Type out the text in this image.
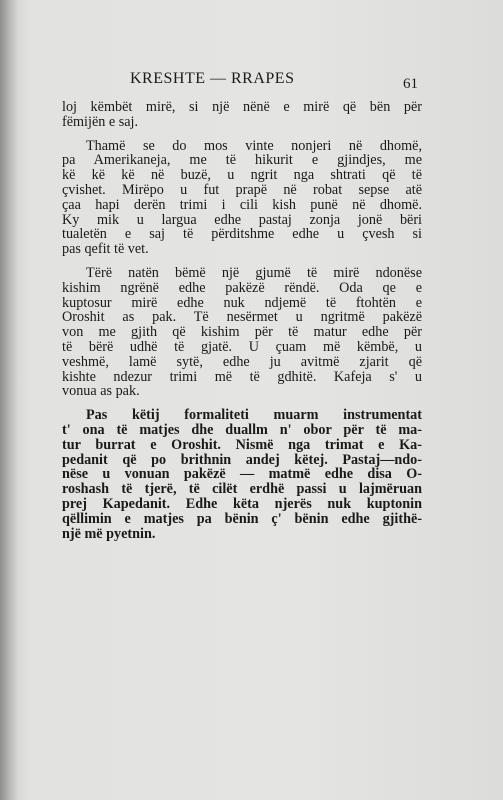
KRESHTE — RRAPES	61
loj këmbët mirë, si një nënë e mirë që bën për
fëmijën e saj.
Thamë se do mos vinte nonjeri në dhomë,
pa Amerikaneja, me të hikurit e gjindjes, me
kë kë kë në buzë, u ngrit nga shtrati që të
çvishet. Mirëpo u fut prapë në robat sepse atë
çaa hapi derën trimi i cili kish punë në dhomë.
Ky mik u largua edhe pastaj zonja jonë bëri
tualetën e saj të përditshme edhe u çvesh si
pas qefit të vet.
Tërë natën bëmë një gjumë të mirë ndonëse
kishim ngrënë edhe pakëzë rëndë. Oda qe e
kuptosur mirë edhe nuk ndjemë të ftohtën e
Oroshit as pak. Të nesërmet u ngritmë pakëzë
von me gjith që kishim për të matur edhe për
të bërë udhë të gjatë. U çuam më këmbë, u
veshmë, lamë sytë, edhe ju avitmë zjarit që
kishte ndezur trimi më të gdhitë. Kafeja s' u
vonua as pak.
Pas këtij formaliteti muarm instrumentat
t' ona të matjes dhe duallm n' obor për të ma-
tur burrat e Oroshit. Nismë nga trimat e Ka-
pedanit që po brithnin andej këtej. Pastaj—ndo-
nëse u vonuan pakëzë — matmë edhe disa O-
roshash të tjerë, të cilët erdhë passi u lajmëruan
prej Kapedanit. Edhe këta njerës nuk kuptonin
qëllimin e matjes pa bënin ç' bënin edhe gjithë-
një më pyetnin.
